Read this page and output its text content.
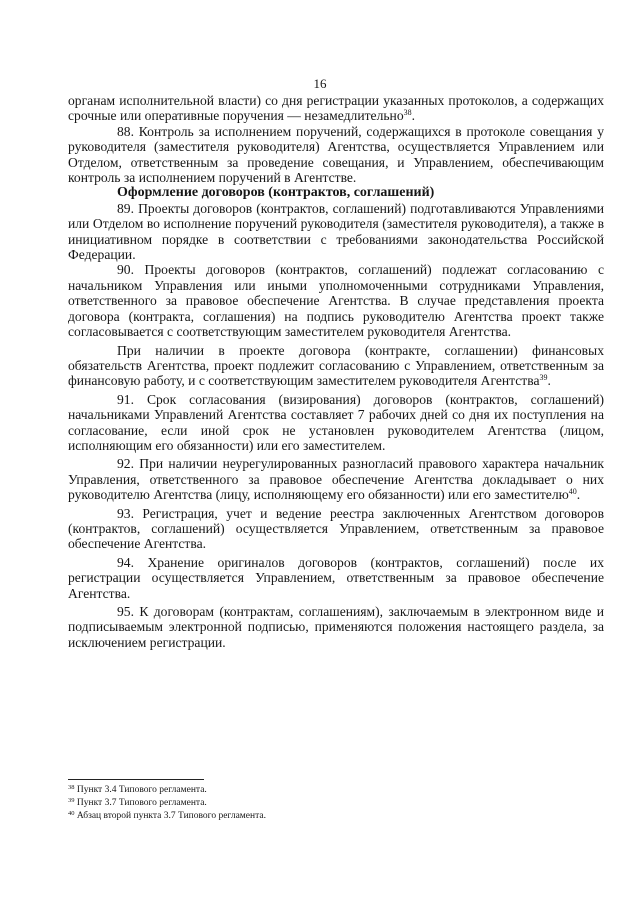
16

органам исполнительной власти) со дня регистрации указанных протоколов, а содержащих срочные или оперативные поручения — незамедлительно$^{38}$.

88. Контроль за исполнением поручений, содержащихся в протоколе совещания у руководителя (заместителя руководителя) Агентства, осуществляется Управлением или Отделом, ответственным за проведение совещания, и Управлением, обеспечивающим контроль за исполнением поручений в Агентстве.

Оформление договоров (контрактов, соглашений)

89. Проекты договоров (контрактов, соглашений) подготавливаются Управлениями или Отделом во исполнение поручений руководителя (заместителя руководителя), а также в инициативном порядке в соответствии с требованиями законодательства Российской Федерации.

90. Проекты договоров (контрактов, соглашений) подлежат согласованию с начальником Управления или иными уполномоченными сотрудниками Управления, ответственного за правовое обеспечение Агентства. В случае представления проекта договора (контракта, соглашения) на подпись руководителю Агентства проект также согласовывается с соответствующим заместителем руководителя Агентства.

При наличии в проекте договора (контракте, соглашении) финансовых обязательств Агентства, проект подлежит согласованию с Управлением, ответственным за финансовую работу, и с соответствующим заместителем руководителя Агентства$^{39}$.

91. Срок согласования (визирования) договоров (контрактов, соглашений) начальниками Управлений Агентства составляет 7 рабочих дней со дня их поступления на согласование, если иной срок не установлен руководителем Агентства (лицом, исполняющим его обязанности) или его заместителем.

92. При наличии неурегулированных разногласий правового характера начальник Управления, ответственного за правовое обеспечение Агентства докладывает о них руководителю Агентства (лицу, исполняющему его обязанности) или его заместителю$^{40}$.

93. Регистрация, учет и ведение реестра заключенных Агентством договоров (контрактов, соглашений) осуществляется Управлением, ответственным за правовое обеспечение Агентства.

94. Хранение оригиналов договоров (контрактов, соглашений) после их регистрации осуществляется Управлением, ответственным за правовое обеспечение Агентства.

95. К договорам (контрактам, соглашениям), заключаемым в электронном виде и подписываемым электронной подписью, применяются положения настоящего раздела, за исключением регистрации.

$^{38}$ Пункт 3.4 Типового регламента.
$^{39}$ Пункт 3.7 Типового регламента.
$^{40}$ Абзац второй пункта 3.7 Типового регламента.
